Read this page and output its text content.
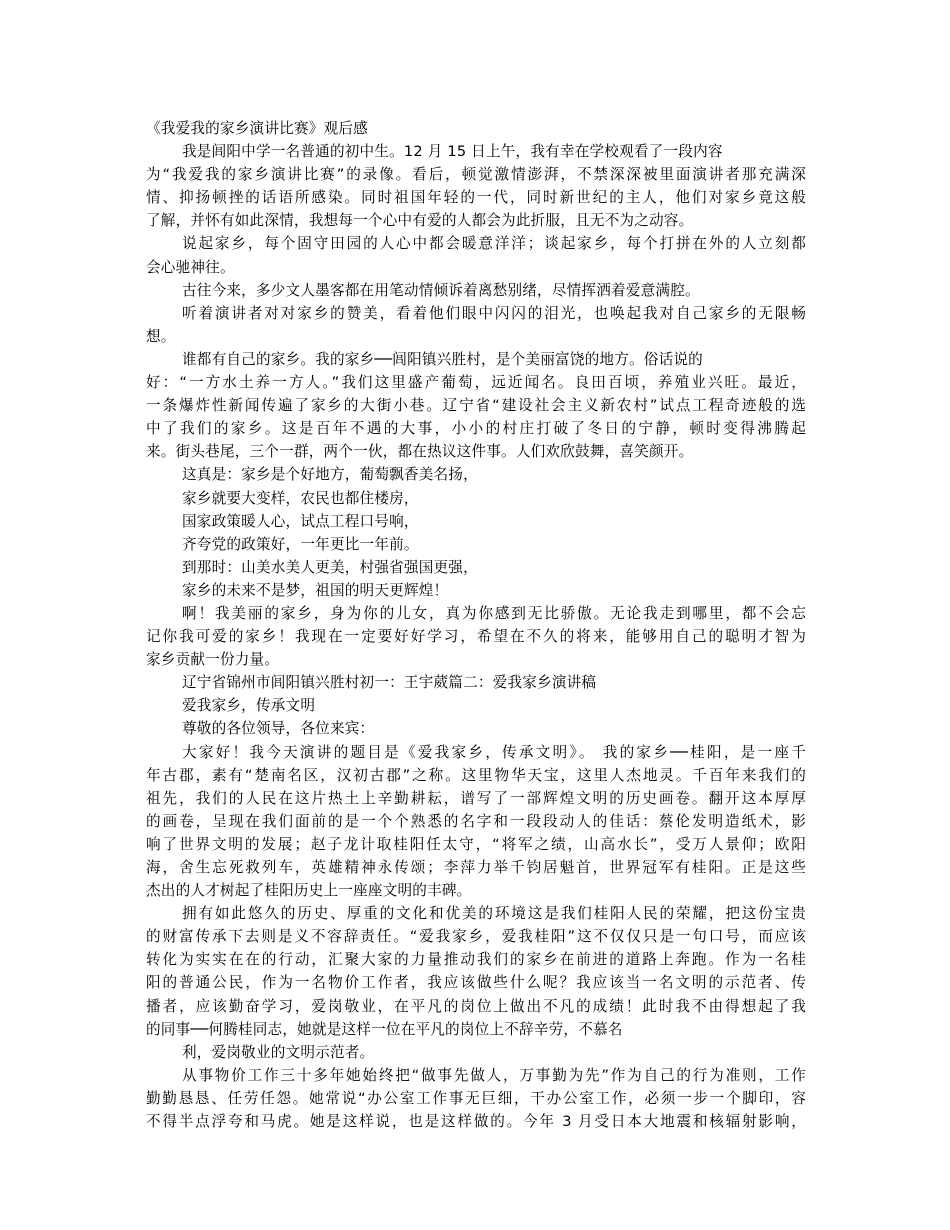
《我爱我的家乡演讲比赛》观后感
我是闾阳中学一名普通的初中生。12 月 15 日上午，我有幸在学校观看了一段内容
为“我爱我的家乡演讲比赛”的录像。看后，顿觉激情澎湃，不禁深深被里面演讲者那充满深
情、抑扬顿挫的话语所感染。同时祖国年轻的一代，同时新世纪的主人，他们对家乡竟这般
了解，并怀有如此深情，我想每一个心中有爱的人都会为此折服，且无不为之动容。
说起家乡，每个固守田园的人心中都会暖意洋洋；谈起家乡，每个打拼在外的人立刻都
会心驰神往。
古往今来，多少文人墨客都在用笔动情倾诉着离愁别绪，尽情挥洒着爱意满腔。
听着演讲者对对家乡的赞美，看着他们眼中闪闪的泪光，也唤起我对自己家乡的无限畅
想。
谁都有自己的家乡。我的家乡──闾阳镇兴胜村，是个美丽富饶的地方。俗话说的
好：“一方水土养一方人。”我们这里盛产葡萄，远近闻名。良田百顷，养殖业兴旺。最近，
一条爆炸性新闻传遍了家乡的大街小巷。辽宁省“建设社会主义新农村”试点工程奇迹般的选
中了我们的家乡。这是百年不遇的大事，小小的村庄打破了冬日的宁静，顿时变得沸腾起
来。街头巷尾，三个一群，两个一伙，都在热议这件事。人们欢欣鼓舞，喜笑颜开。
这真是：家乡是个好地方，葡萄飘香美名扬，
家乡就要大变样，农民也都住楼房，
国家政策暖人心，试点工程口号响，
齐夸党的政策好，一年更比一年前。
到那时：山美水美人更美，村强省强国更强，
家乡的未来不是梦，祖国的明天更辉煌！
啊！我美丽的家乡，身为你的儿女，真为你感到无比骄傲。无论我走到哪里，都不会忘
记你我可爱的家乡！我现在一定要好好学习，希望在不久的将来，能够用自己的聪明才智为
家乡贡献一份力量。
辽宁省锦州市闾阳镇兴胜村初一：王宇葳篇二：爱我家乡演讲稿
爱我家乡，传承文明
尊敬的各位领导，各位来宾：
大家好！我今天演讲的题目是《爱我家乡，传承文明》。 我的家乡──桂阳，是一座千
年古郡，素有“楚南名区，汉初古郡”之称。这里物华天宝，这里人杰地灵。千百年来我们的
祖先，我们的人民在这片热土上辛勤耕耘，谱写了一部辉煌文明的历史画卷。翻开这本厚厚
的画卷，呈现在我们面前的是一个个熟悉的名字和一段段动人的佳话：蔡伦发明造纸术，影
响了世界文明的发展；赵子龙计取桂阳任太守，“将军之绩，山高水长”，受万人景仰；欧阳
海，舍生忘死救列车，英雄精神永传颂；李萍力举千钧居魁首，世界冠军有桂阳。正是这些
杰出的人才树起了桂阳历史上一座座文明的丰碑。
拥有如此悠久的历史、厚重的文化和优美的环境这是我们桂阳人民的荣耀，把这份宝贵
的财富传承下去则是义不容辞责任。“爱我家乡，爱我桂阳”这不仅仅只是一句口号，而应该
转化为实实在在的行动，汇聚大家的力量推动我们的家乡在前进的道路上奔跑。作为一名桂
阳的普通公民，作为一名物价工作者，我应该做些什么呢？我应该当一名文明的示范者、传
播者，应该勤奋学习，爱岗敬业，在平凡的岗位上做出不凡的成绩！此时我不由得想起了我
的同事──何腾桂同志，她就是这样一位在平凡的岗位上不辞辛劳，不慕名
利，爱岗敬业的文明示范者。
从事物价工作三十多年她始终把“做事先做人，万事勤为先”作为自己的行为准则，工作
勤勤恳恳、任劳任怨。她常说“办公室工作事无巨细，干办公室工作，必须一步一个脚印，容
不得半点浮夸和马虎。她是这样说，也是这样做的。今年 3 月受日本大地震和核辐射影响，
